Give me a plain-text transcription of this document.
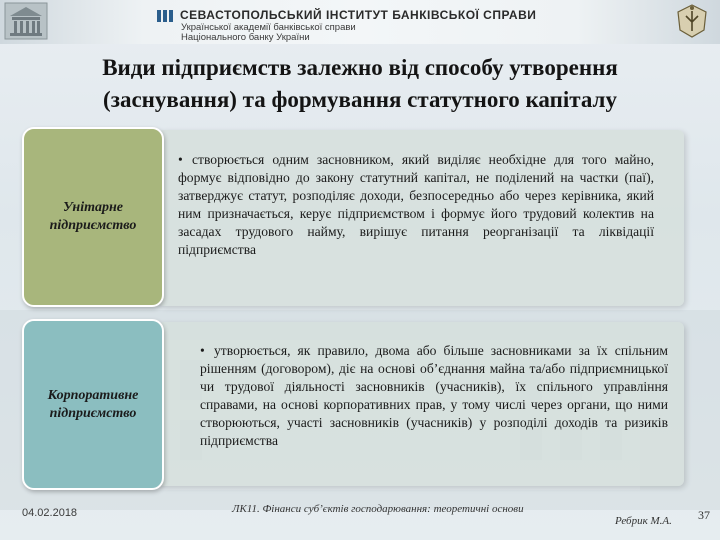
СЕВАСТОПОЛЬСЬКИЙ ІНСТИТУТ БАНКІВСЬКОЇ СПРАВИ
Української академії банківської справи
Національного банку України
Види підприємств залежно від способу утворення
(заснування) та формування статутного капіталу
Унітарне
підприємство
Корпоративне
підприємство
• створюється одним засновником, який виділяє необхідне для того майно, формує відповідно до закону статутний капітал, не поділений на частки (паї), затверджує статут, розподіляє доходи, безпосередньо або через керівника, який ним призначається, керує підприємством і формує його трудовий колектив на засадах трудового найму, вирішує питання реорганізації та ліквідації підприємства
• утворюється, як правило, двома або більше засновниками за їх спільним рішенням (договором), діє на основі об’єднання майна та/або підприємницької чи трудової діяльності засновників (учасників), їх спільного управління справами, на основі корпоративних прав, у тому числі через органи, що ними створюються, участі засновників (учасників) у розподілі доходів та ризиків підприємства
04.02.2018	ЛК11. Фінанси суб’єктів господарювання: теоретичні основи
Ребрик М.А. 37
